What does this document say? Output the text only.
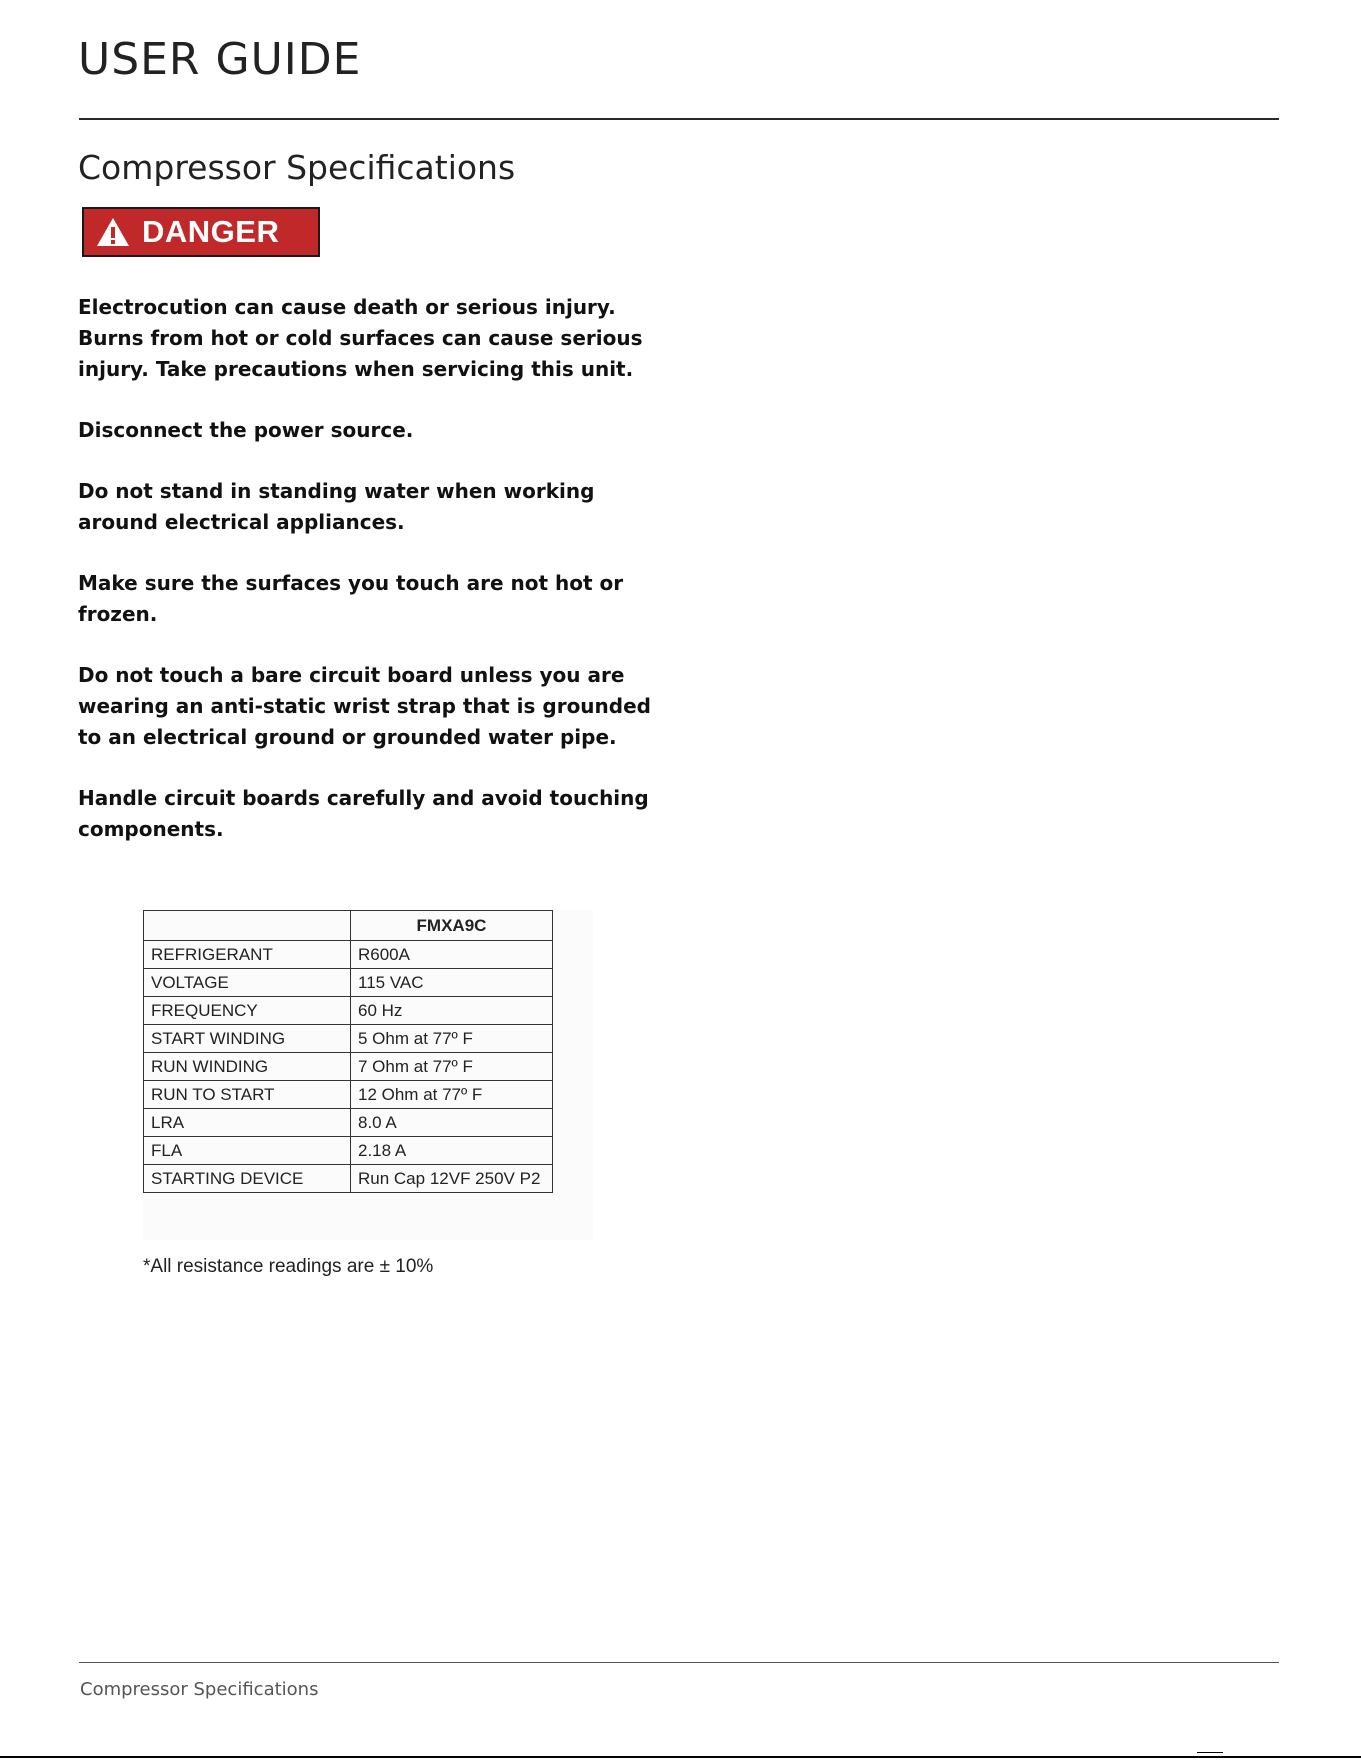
USER GUIDE
Compressor Specifications
DANGER

Electrocution can cause death or serious injury. Burns from hot or cold surfaces can cause serious injury. Take precautions when servicing this unit.

Disconnect the power source.

Do not stand in standing water when working around electrical appliances.

Make sure the surfaces you touch are not hot or frozen.

Do not touch a bare circuit board unless you are wearing an anti-static wrist strap that is grounded to an electrical ground or grounded water pipe.

Handle circuit boards carefully and avoid touching components.

	FMXA9C
REFRIGERANT	R600A
VOLTAGE	115 VAC
FREQUENCY	60 Hz
START WINDING	5 Ohm at 77º F
RUN WINDING	7 Ohm at 77º F
RUN TO START	12 Ohm at 77º F
LRA	8.0 A
FLA	2.18 A
STARTING DEVICE	Run Cap 12VF 250V P2

*All resistance readings are ± 10%

Compressor Specifications
